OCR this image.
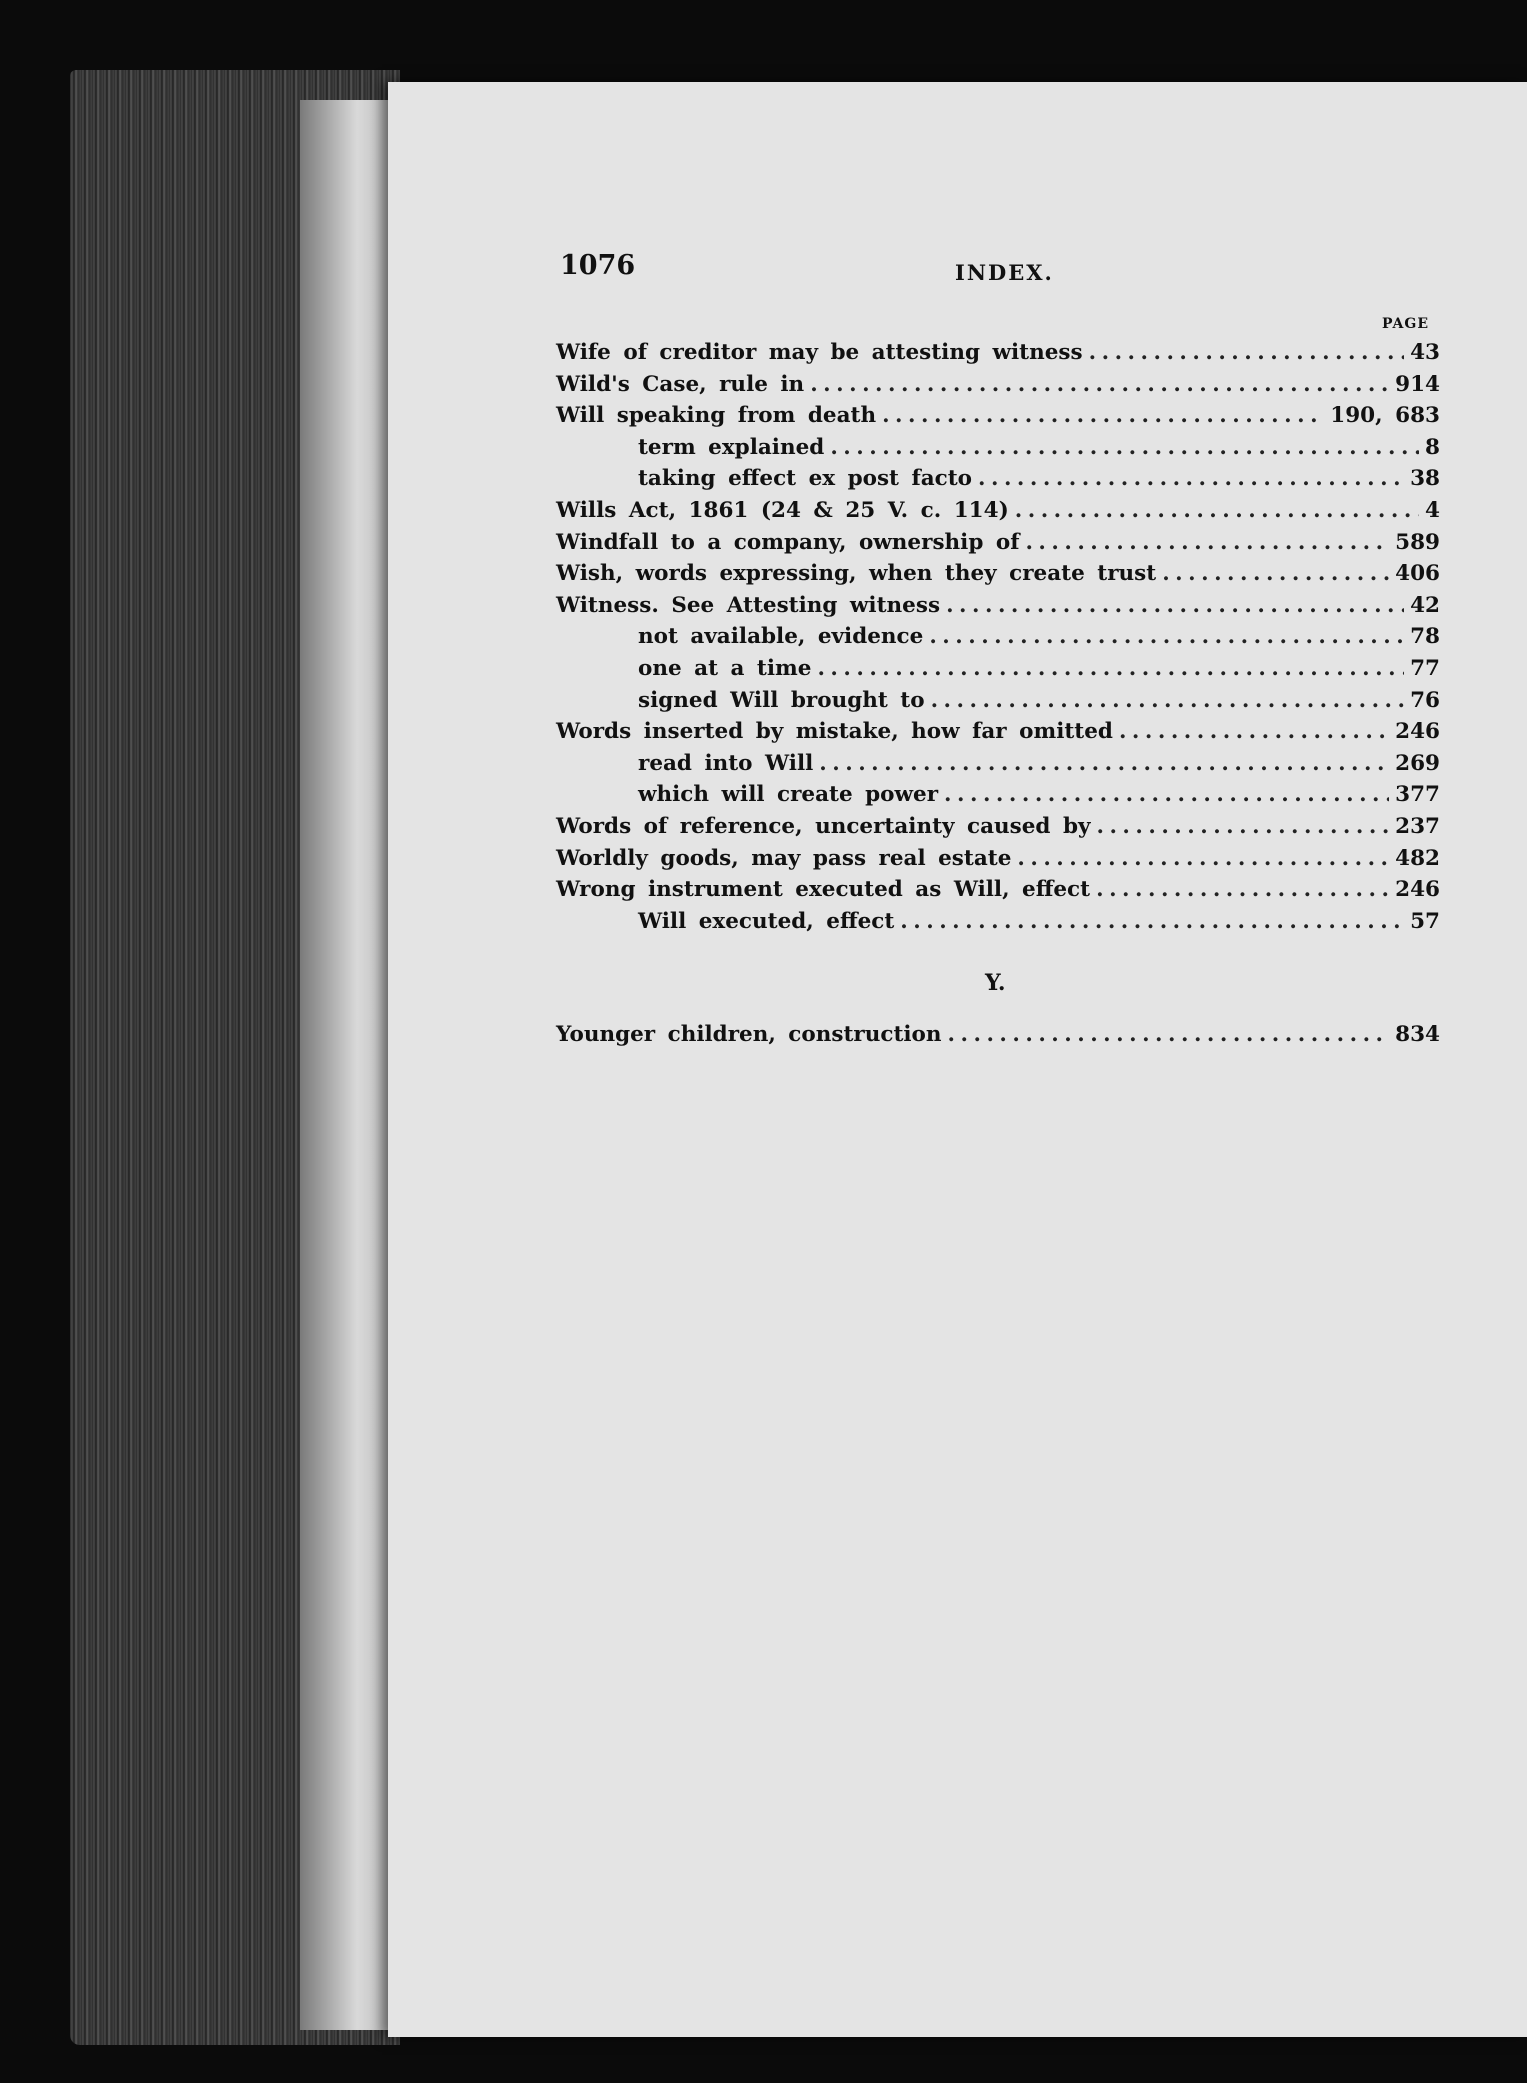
1076	INDEX.
PAGE
Wife of creditor may be attesting witness . . .	43
Wild's Case, rule in . . .	914
Will speaking from death . . .	190, 683
term explained . . .	8
taking effect ex post facto . . .	38
Wills Act, 1861 (24 & 25 V. c. 114) . . .	4
Windfall to a company, ownership of . . .	589
Wish, words expressing, when they create trust . . .	406
Witness. See Attesting witness . . .	42
not available, evidence . . .	78
one at a time . . .	77
signed Will brought to . . .	76
Words inserted by mistake, how far omitted . . .	246
read into Will . . .	269
which will create power . . .	377
Words of reference, uncertainty caused by . . .	237
Worldly goods, may pass real estate . . .	482
Wrong instrument executed as Will, effect . . .	246
Will executed, effect . . .	57
Y.
Younger children, construction . . .	834
